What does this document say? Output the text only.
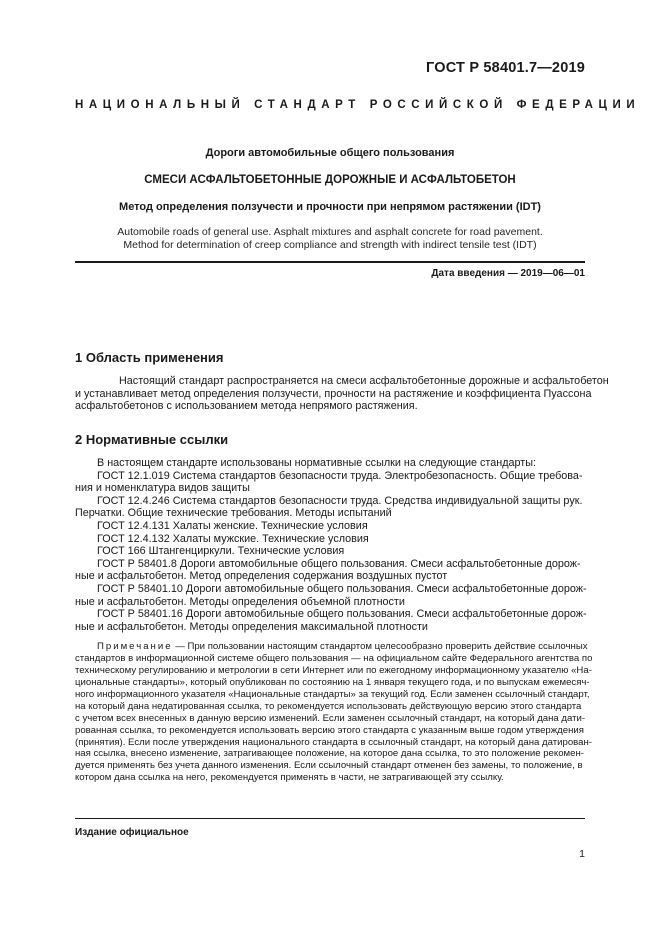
ГОСТ Р 58401.7—2019
НАЦИОНАЛЬНЫЙ СТАНДАРТ РОССИЙСКОЙ ФЕДЕРАЦИИ
Дороги автомобильные общего пользования
СМЕСИ АСФАЛЬТОБЕТОННЫЕ ДОРОЖНЫЕ И АСФАЛЬТОБЕТОН
Метод определения ползучести и прочности при непрямом растяжении (IDT)
Automobile roads of general use. Asphalt mixtures and asphalt concrete for road pavement.
Method for determination of creep compliance and strength with indirect tensile test (IDT)
Дата введения — 2019—06—01
1 Область применения
Настоящий стандарт распространяется на смеси асфальтобетонные дорожные и асфальтобетон
и устанавливает метод определения ползучести, прочности на растяжение и коэффициента Пуассона
асфальтобетонов с использованием метода непрямого растяжения.
2 Нормативные ссылки
В настоящем стандарте использованы нормативные ссылки на следующие стандарты: ГОСТ 12.1.019 Система стандартов безопасности труда. Электробезопасность. Общие требова-
ния и номенклатура видов защиты
ГОСТ 12.4.246 Система стандартов безопасности труда. Средства индивидуальной защиты рук.
Перчатки. Общие технические требования. Методы испытаний
ГОСТ 12.4.131 Халаты женские. Технические условия ГОСТ 12.4.132 Халаты мужские. Технические условия ГОСТ 166 Штангенциркули. Технические условия ГОСТ Р 58401.8 Дороги автомобильные общего пользования. Смеси асфальтобетонные дорож-
ные и асфальтобетон. Метод определения содержания воздушных пустот
ГОСТ Р 58401.10 Дороги автомобильные общего пользования. Смеси асфальтобетонные дорож-
ные и асфальтобетон. Методы определения объемной плотности
ГОСТ Р 58401.16 Дороги автомобильные общего пользования. Смеси асфальтобетонные дорож-
ные и асфальтобетон. Методы определения максимальной плотности
Примечание — При пользовании настоящим стандартом целесообразно проверить действие ссылочных
стандартов в информационной системе общего пользования — на официальном сайте Федерального агентства по
техническому регулированию и метрологии в сети Интернет или по ежегодному информационному указателю «На-
циональные стандарты», который опубликован по состоянию на 1 января текущего года, и по выпускам ежемесяч-
ного информационного указателя «Национальные стандарты» за текущий год. Если заменен ссылочный стандарт,
на который дана недатированная ссылка, то рекомендуется использовать действующую версию этого стандарта
с учетом всех внесенных в данную версию изменений. Если заменен ссылочный стандарт, на который дана дати-
рованная ссылка, то рекомендуется использовать версию этого стандарта с указанным выше годом утверждения
(принятия). Если после утверждения национального стандарта в ссылочный стандарт, на который дана датирован-
ная ссылка, внесено изменение, затрагивающее положение, на которое дана ссылка, то это положение рекомен-
дуется применять без учета данного изменения. Если ссылочный стандарт отменен без замены, то положение, в
котором дана ссылка на него, рекомендуется применять в части, не затрагивающей эту ссылку.
Издание официальное
1
